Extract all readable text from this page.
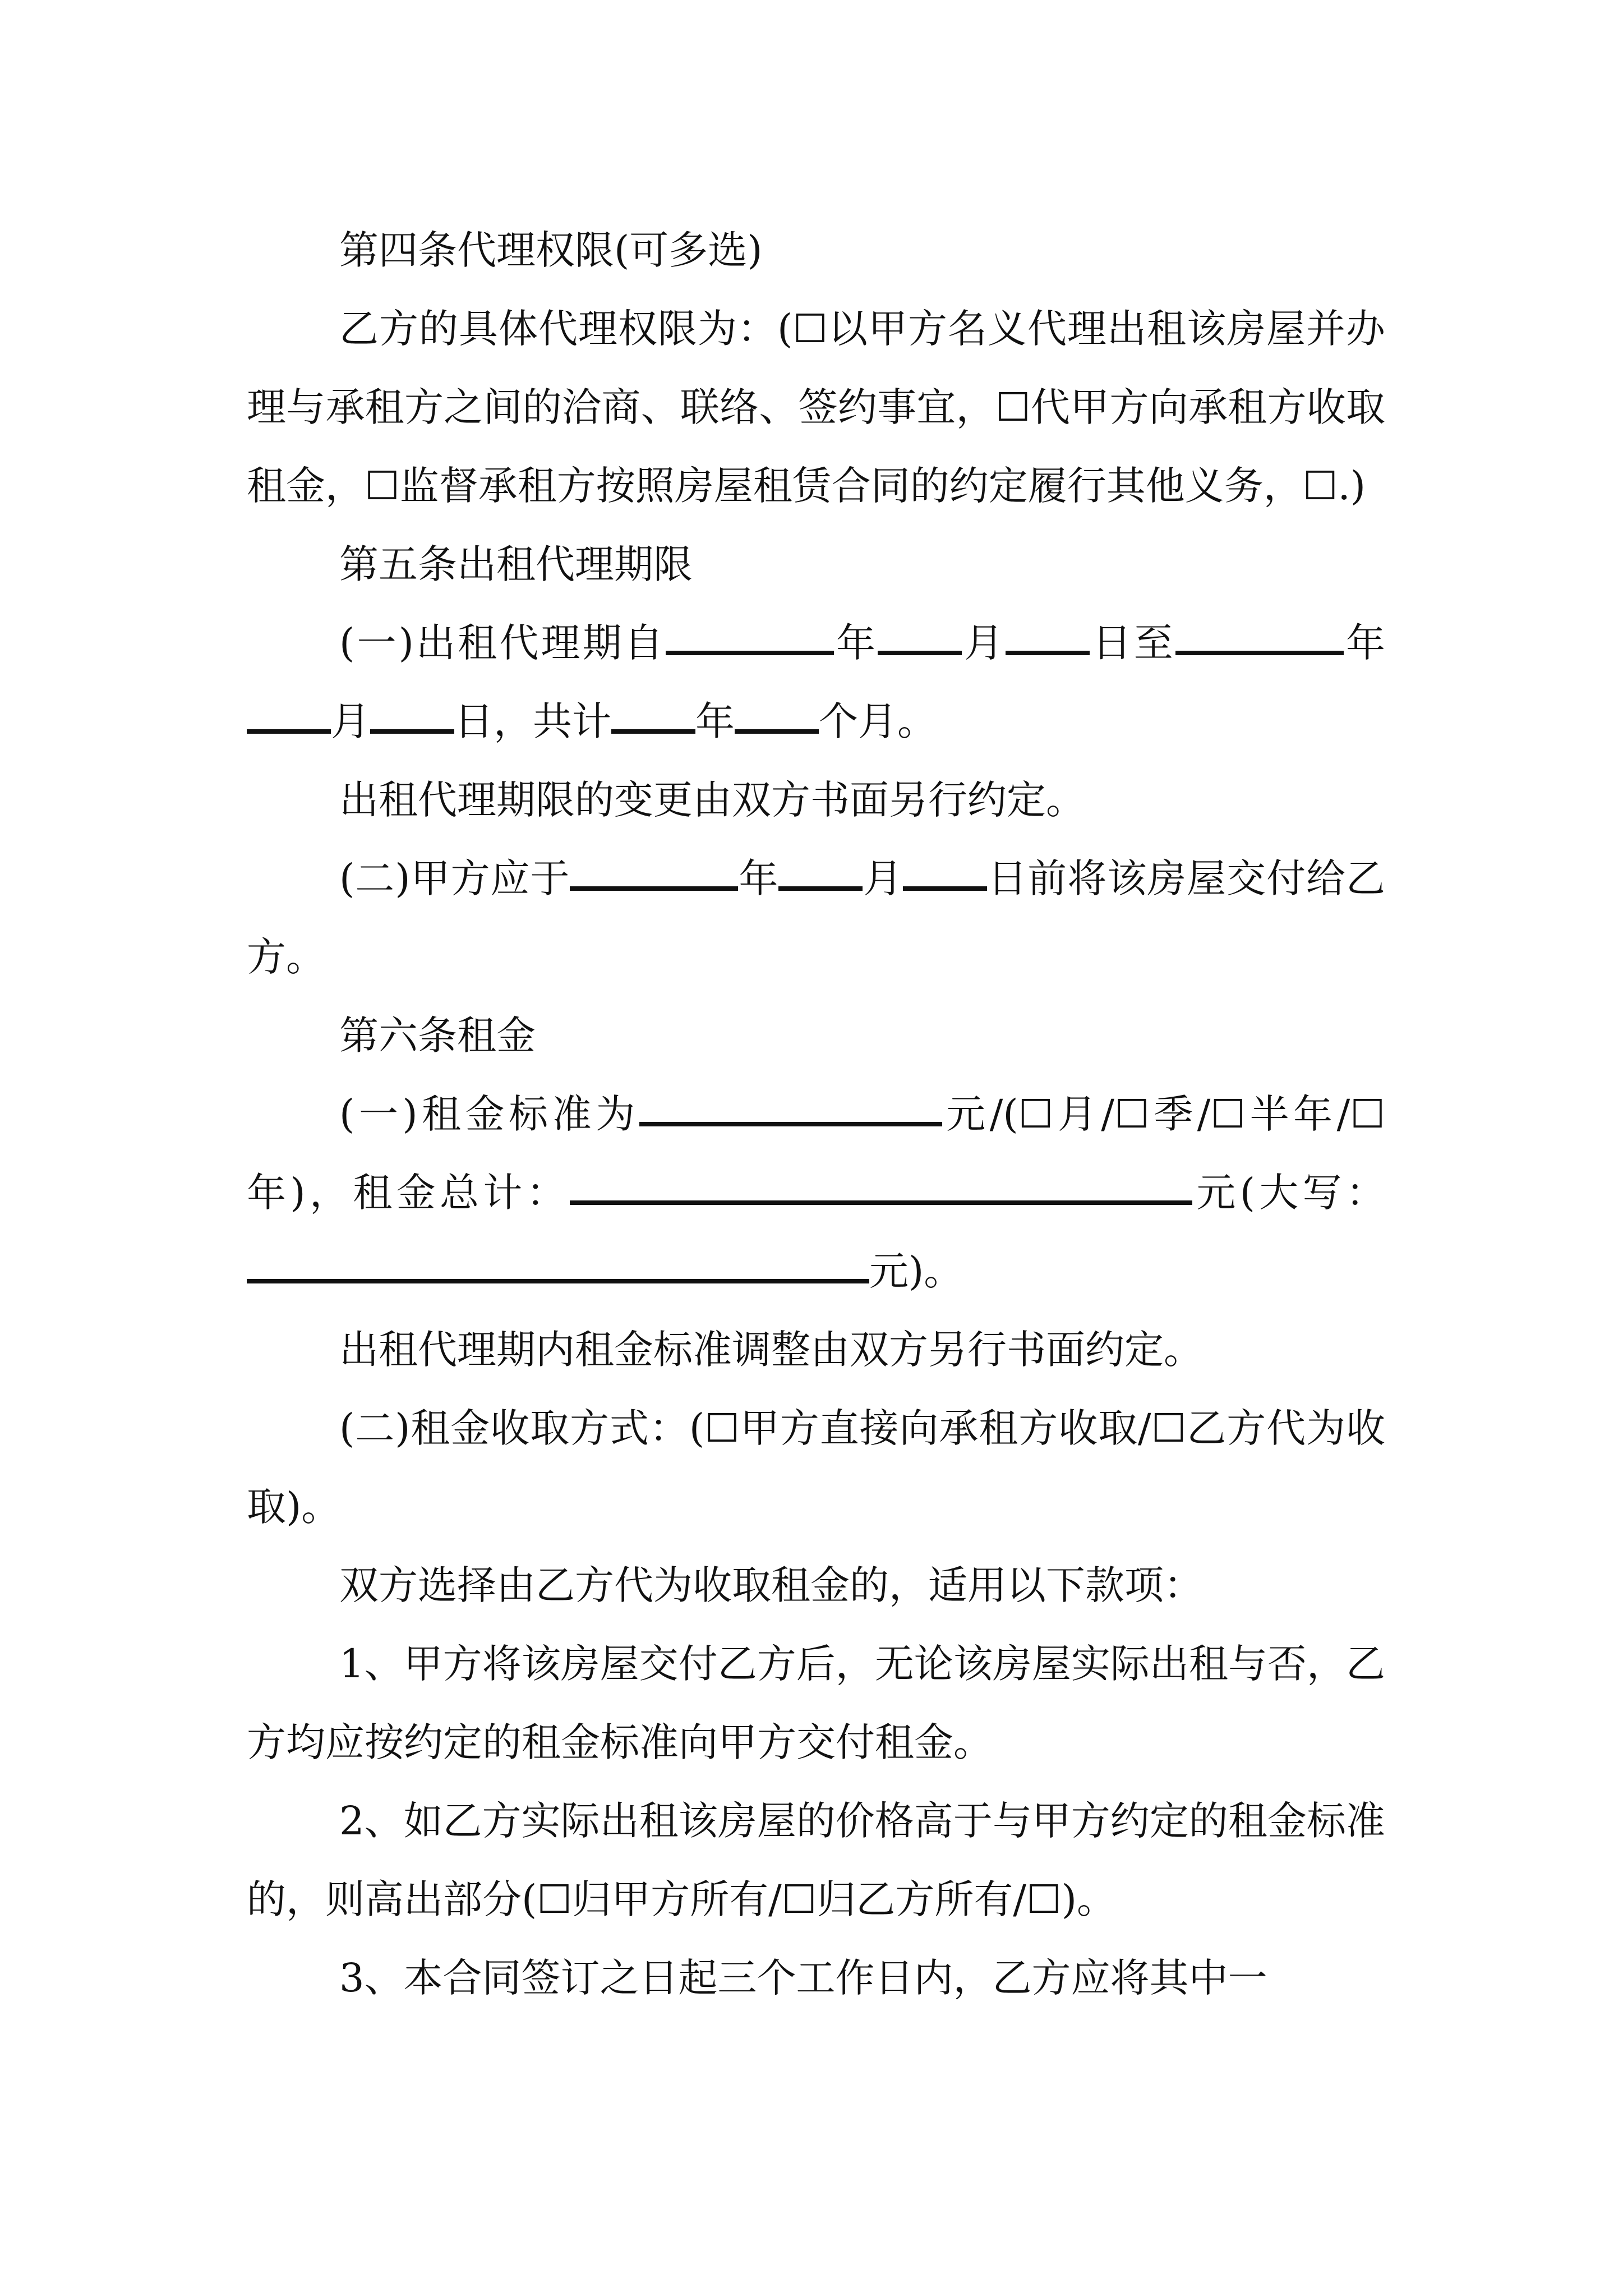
第四条代理权限(可多选)

乙方的具体代理权限为：(☐以甲方名义代理出租该房屋并办理与承租方之间的洽商、联络、签约事宜，☐代甲方向承租方收取租金，☐监督承租方按照房屋租赁合同的约定履行其他义务，☐.)

第五条出租代理期限

(一)出租代理期自	年 月 日至	年月 日，共计 年 个月。

出租代理期限的变更由双方书面另行约定。

(二)甲方应于	年 月 日前将该房屋交付给乙方。

第六条租金

(一)租金标准为	元/(☐月/☐季/☐半年/☐年)，租金总计：	元(大写：元)。

出租代理期内租金标准调整由双方另行书面约定。

(二)租金收取方式：(☐甲方直接向承租方收取/☐乙方代为收取)。

双方选择由乙方代为收取租金的，适用以下款项：

1、甲方将该房屋交付乙方后，无论该房屋实际出租与否，乙方均应按约定的租金标准向甲方交付租金。

2、如乙方实际出租该房屋的价格高于与甲方约定的租金标准的，则高出部分(☐归甲方所有/☐归乙方所有/☐)。

3、本合同签订之日起三个工作日内，乙方应将其中一
